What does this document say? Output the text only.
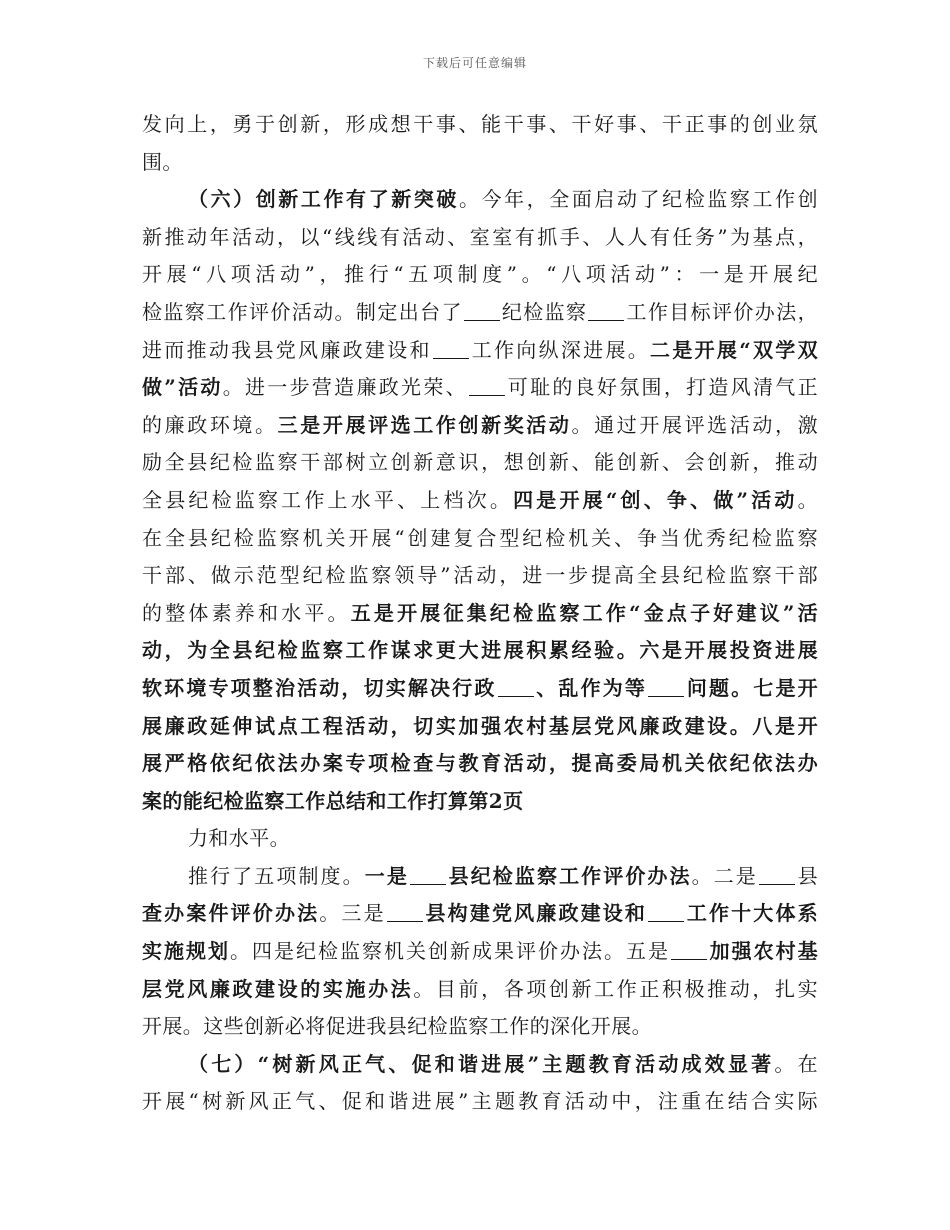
下载后可任意编辑
发向上，勇于创新，形成想干事、能干事、干好事、干正事的创业氛
围。
（六）创新工作有了新突破。今年，全面启动了纪检监察工作创
新推动年活动，以“线线有活动、室室有抓手、人人有任务”为基点，
开展“八项活动”，推行“五项制度”。“八项活动”：一是开展纪
检监察工作评价活动。制定出台了 纪检监察 工作目标评价办法，
进而推动我县党风廉政建设和 工作向纵深进展。二是开展“双学双
做”活动。进一步营造廉政光荣、 可耻的良好氛围，打造风清气正
的廉政环境。三是开展评选工作创新奖活动。通过开展评选活动，激
励全县纪检监察干部树立创新意识，想创新、能创新、会创新，推动
全县纪检监察工作上水平、上档次。四是开展“创、争、做”活动。
在全县纪检监察机关开展“创建复合型纪检机关、争当优秀纪检监察
干部、做示范型纪检监察领导”活动，进一步提高全县纪检监察干部
的整体素养和水平。五是开展征集纪检监察工作“金点子好建议”活
动，为全县纪检监察工作谋求更大进展积累经验。六是开展投资进展
软环境专项整治活动，切实解决行政 、乱作为等 问题。七是开
展廉政延伸试点工程活动，切实加强农村基层党风廉政建设。八是开
展严格依纪依法办案专项检查与教育活动，提高委局机关依纪依法办
案的能纪检监察工作总结和工作打算第2页
力和水平。
推行了五项制度。一是 县纪检监察工作评价办法。二是 县
查办案件评价办法。三是 县构建党风廉政建设和 工作十大体系
实施规划。四是纪检监察机关创新成果评价办法。五是 加强农村基
层党风廉政建设的实施办法。目前，各项创新工作正积极推动，扎实
开展。这些创新必将促进我县纪检监察工作的深化开展。
（七）“树新风正气、促和谐进展”主题教育活动成效显著。在
开展“树新风正气、促和谐进展”主题教育活动中，注重在结合实际
